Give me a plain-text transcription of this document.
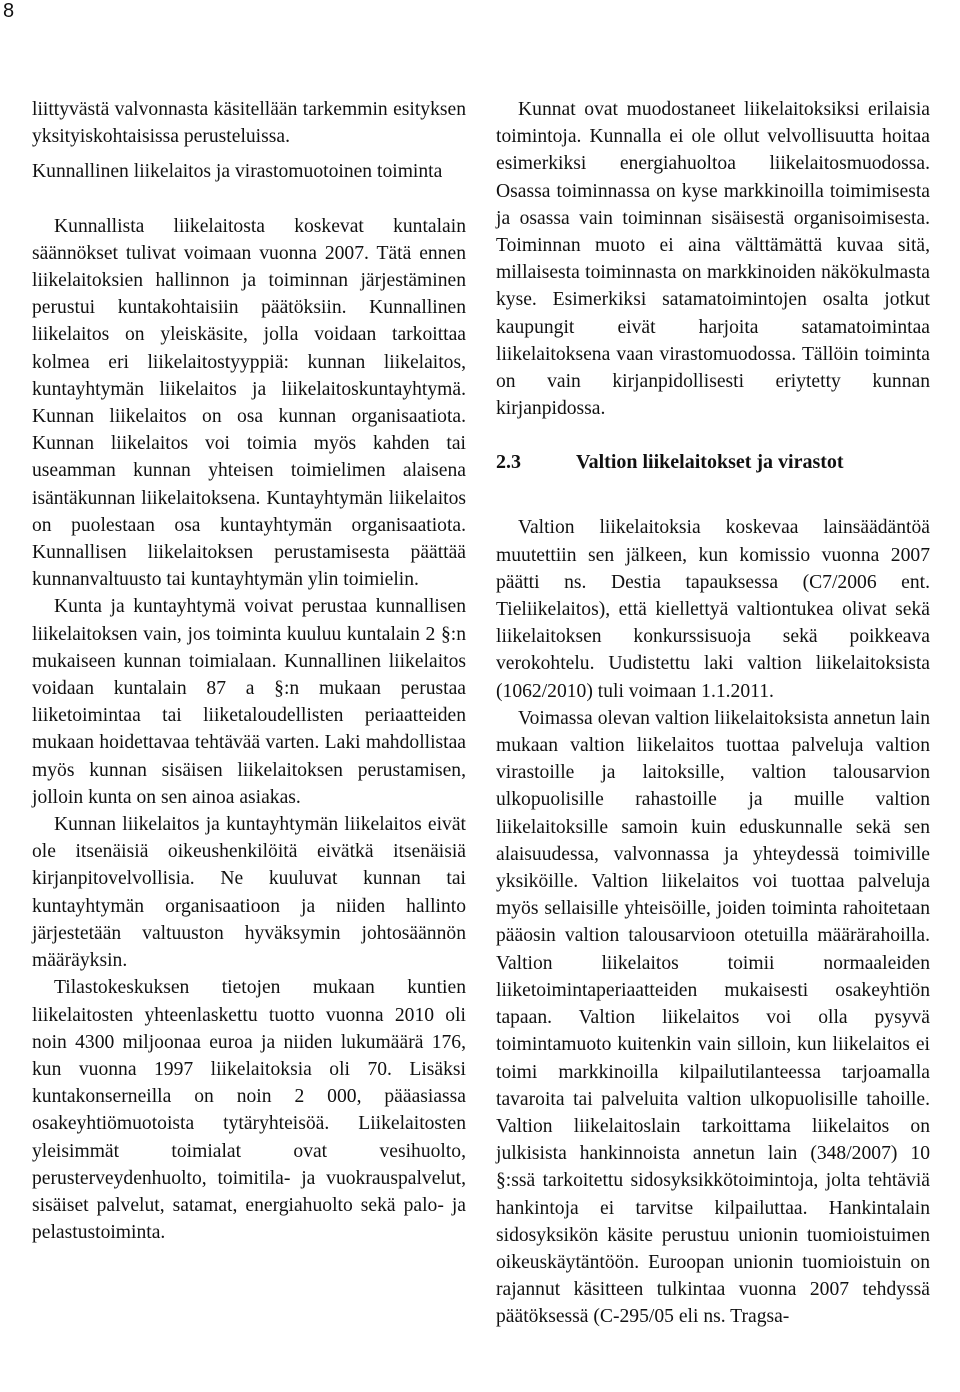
8

liittyvästä valvonnasta käsitellään tarkemmin esityksen yksityiskohtaisissa perusteluissa.

Kunnallinen liikelaitos ja virastomuotoinen toiminta

Kunnallista liikelaitosta koskevat kuntalain säännökset tulivat voimaan vuonna 2007. Tätä ennen liikelaitoksien hallinnon ja toiminnan järjestäminen perustui kuntakohtaisiin päätöksiin. Kunnallinen liikelaitos on yleiskäsite, jolla voidaan tarkoittaa kolmea eri liikelaitostyyppiä: kunnan liikelaitos, kuntayhtymän liikelaitos ja liikelaitoskuntayhtymä. Kunnan liikelaitos on osa kunnan organisaatiota. Kunnan liikelaitos voi toimia myös kahden tai useamman kunnan yhteisen toimielimen alaisena isäntäkunnan liikelaitoksena. Kuntayhtymän liikelaitos on puolestaan osa kuntayhtymän organisaatiota. Kunnallisen liikelaitoksen perustamisesta päättää kunnanvaltuusto tai kuntayhtymän ylin toimielin.

Kunta ja kuntayhtymä voivat perustaa kunnallisen liikelaitoksen vain, jos toiminta kuuluu kuntalain 2 §:n mukaiseen kunnan toimialaan. Kunnallinen liikelaitos voidaan kuntalain 87 a §:n mukaan perustaa liiketoimintaa tai liiketaloudellisten periaatteiden mukaan hoidettavaa tehtävää varten. Laki mahdollistaa myös kunnan sisäisen liikelaitoksen perustamisen, jolloin kunta on sen ainoa asiakas.

Kunnan liikelaitos ja kuntayhtymän liikelaitos eivät ole itsenäisiä oikeushenkilöitä eivätkä itsenäisiä kirjanpitovelvollisia. Ne kuuluvat kunnan tai kuntayhtymän organisaatioon ja niiden hallinto järjestetään valtuuston hyväksymin johtosäännön määräyksin.

Tilastokeskuksen tietojen mukaan kuntien liikelaitosten yhteenlaskettu tuotto vuonna 2010 oli noin 4300 miljoonaa euroa ja niiden lukumäärä 176, kun vuonna 1997 liikelaitoksia oli 70. Lisäksi kuntakonserneilla on noin 2 000, pääasiassa osakeyhtiömuotoista tytäryhteisöä. Liikelaitosten yleisimmät toimialat ovat vesihuolto, perusterveydenhuolto, toimitila- ja vuokrauspalvelut, sisäiset palvelut, satamat, energiahuolto sekä palo- ja pelastustoiminta.

Kunnat ovat muodostaneet liikelaitoksiksi erilaisia toimintoja. Kunnalla ei ole ollut velvollisuutta hoitaa esimerkiksi energiahuoltoa liikelaitosmuodossa. Osassa toiminnassa on kyse markkinoilla toimimisesta ja osassa vain toiminnan sisäisestä organisoimisesta. Toiminnan muoto ei aina välttämättä kuvaa sitä, millaisesta toiminnasta on markkinoiden näkökulmasta kyse. Esimerkiksi satamatoimintojen osalta jotkut kaupungit eivät harjoita satamatoimintaa liikelaitoksena vaan virastomuodossa. Tällöin toiminta on vain kirjanpidollisesti eriytetty kunnan kirjanpidossa.

2.3	Valtion liikelaitokset ja virastot

Valtion liikelaitoksia koskevaa lainsäädäntöä muutettiin sen jälkeen, kun komissio vuonna 2007 päätti ns. Destia tapauksessa (C7/2006 ent. Tieliikelaitos), että kiellettyä valtiontukea olivat sekä liikelaitoksen konkurssisuoja sekä poikkeava verokohtelu. Uudistettu laki valtion liikelaitoksista (1062/2010) tuli voimaan 1.1.2011.

Voimassa olevan valtion liikelaitoksista annetun lain mukaan valtion liikelaitos tuottaa palveluja valtion virastoille ja laitoksille, valtion talousarvion ulkopuolisille rahastoille ja muille valtion liikelaitoksille samoin kuin eduskunnalle sekä sen alaisuudessa, valvonnassa ja yhteydessä toimiville yksiköille. Valtion liikelaitos voi tuottaa palveluja myös sellaisille yhteisöille, joiden toiminta rahoitetaan pääosin valtion talousarvioon otetuilla määrärahoilla. Valtion liikelaitos toimii normaaleiden liiketoimintaperiaatteiden mukaisesti osakeyhtiön tapaan. Valtion liikelaitos voi olla pysyvä toimintamuoto kuitenkin vain silloin, kun liikelaitos ei toimi markkinoilla kilpailutilanteessa tarjoamalla tavaroita tai palveluita valtion ulkopuolisille tahoille. Valtion liikelaitoslain tarkoittama liikelaitos on julkisista hankinnoista annetun lain (348/2007) 10 §:ssä tarkoitettu sidosyksikkötoimintoja, jolta tehtäviä hankintoja ei tarvitse kilpailuttaa. Hankintalain sidosyksikön käsite perustuu unionin tuomioistuimen oikeuskäytäntöön. Euroopan unionin tuomioistuin on rajannut käsitteen tulkintaa vuonna 2007 tehdyssä päätöksessä (C-295/05 eli ns. Tragsa-
